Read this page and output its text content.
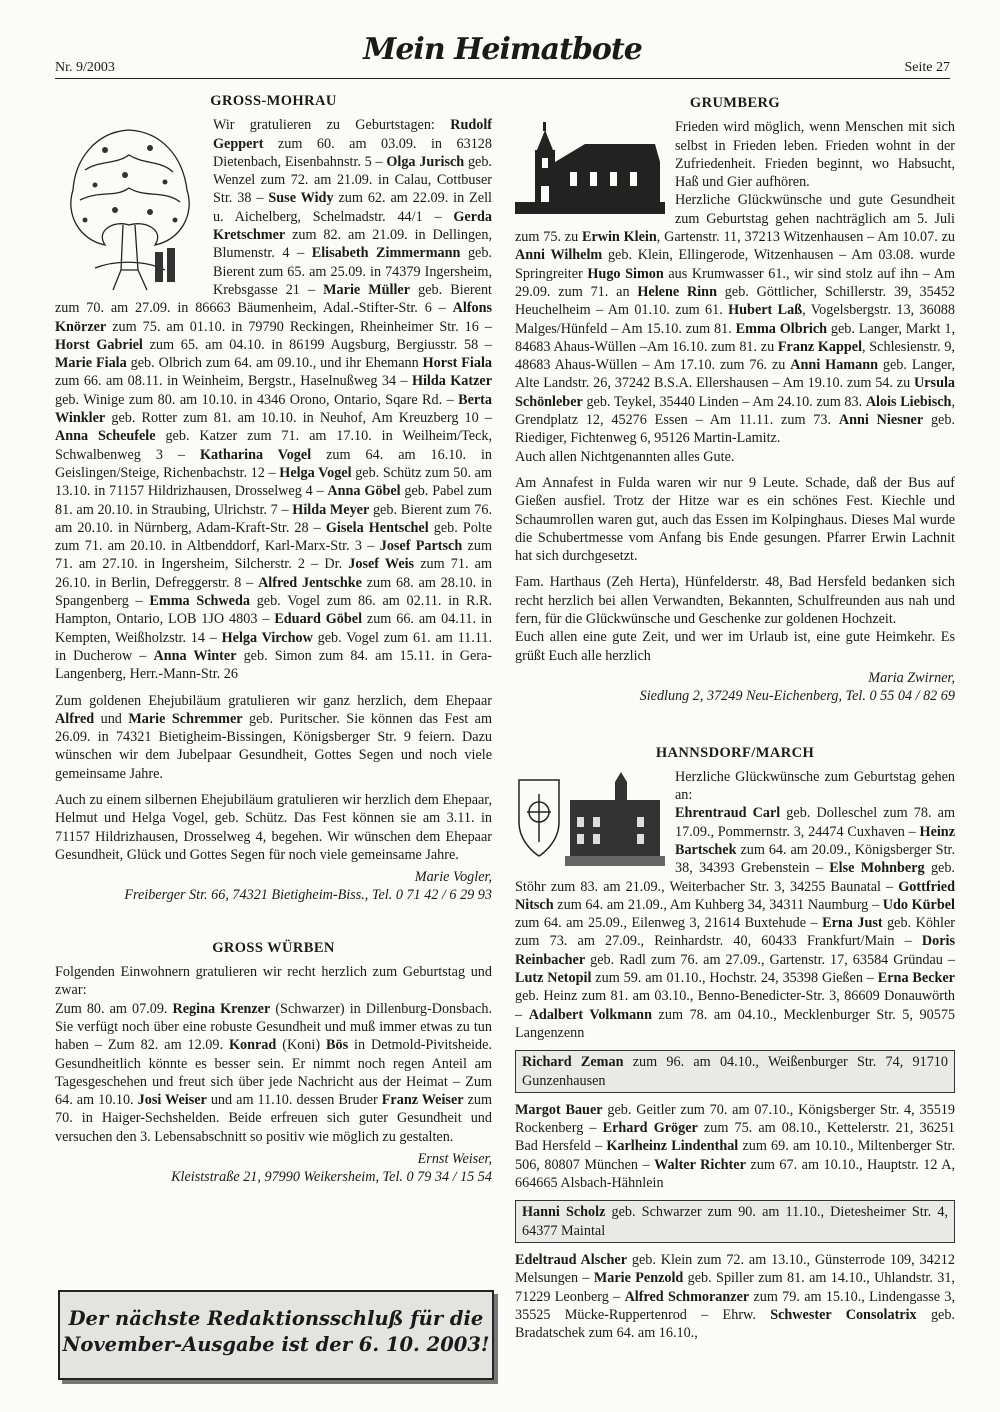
Nr. 9/2003
Mein Heimatbote
Seite 27
GROSS-MOHRAU

Wir gratulieren zu Geburtstagen: Rudolf Geppert zum 60. am 03.09. in 63128 Dietenbach, Eisenbahnstr. 5 – Olga Jurisch geb. Wenzel zum 72. am 21.09. in Calau, Cottbuser Str. 38 – Suse Widy zum 62. am 22.09. in Zell u. Aichelberg, Schelmadstr. 44/1 – Gerda Kretschmer zum 82. am 21.09. in Dellingen, Blumenstr. 4 – Elisabeth Zimmermann geb. Bierent zum 65. am 25.09. in 74379 Ingersheim, Krebsgasse 21 – Marie Müller geb. Bierent zum 70. am 27.09. in 86663 Bäumenheim, Adal.-Stifter-Str. 6 – Alfons Knörzer zum 75. am 01.10. in 79790 Reckingen, Rheinheimer Str. 16 – Horst Gabriel zum 65. am 04.10. in 86199 Augsburg, Bergiusstr. 58 – Marie Fiala geb. Olbrich zum 64. am 09.10., und ihr Ehemann Horst Fiala zum 66. am 08.11. in Weinheim, Bergstr., Haselnußweg 34 – Hilda Katzer geb. Winige zum 80. am 10.10. in 4346 Orono, Ontario, Sqare Rd. – Berta Winkler geb. Rotter zum 81. am 10.10. in Neuhof, Am Kreuzberg 10 – Anna Scheufele geb. Katzer zum 71. am 17.10. in Weilheim/Teck, Schwalbenweg 3 – Katharina Vogel zum 64. am 16.10. in Geislingen/Steige, Richenbachstr. 12 – Helga Vogel geb. Schütz zum 50. am 13.10. in 71157 Hildrizhausen, Drosselweg 4 – Anna Göbel geb. Pabel zum 81. am 20.10. in Straubing, Ulrichstr. 7 – Hilda Meyer geb. Bierent zum 76. am 20.10. in Nürnberg, Adam-Kraft-Str. 28 – Gisela Hentschel geb. Polte zum 71. am 20.10. in Altbenddorf, Karl-Marx-Str. 3 – Josef Partsch zum 71. am 27.10. in Ingersheim, Silcherstr. 2 – Dr. Josef Weis zum 71. am 26.10. in Berlin, Defreggerstr. 8 – Alfred Jentschke zum 68. am 28.10. in Spangenberg – Emma Schweda geb. Vogel zum 86. am 02.11. in R.R. Hampton, Ontario, LOB 1JO 4803 – Eduard Göbel zum 66. am 04.11. in Kempten, Weißholzstr. 14 – Helga Virchow geb. Vogel zum 61. am 11.11. in Ducherow – Anna Winter geb. Simon zum 84. am 15.11. in Gera-Langenberg, Herr.-Mann-Str. 26

Zum goldenen Ehejubiläum gratulieren wir ganz herzlich, dem Ehepaar Alfred und Marie Schremmer geb. Puritscher. Sie können das Fest am 26.09. in 74321 Bietigheim-Bissingen, Königsberger Str. 9 feiern. Dazu wünschen wir dem Jubelpaar Gesundheit, Gottes Segen und noch viele gemeinsame Jahre.

Auch zu einem silbernen Ehejubiläum gratulieren wir herzlich dem Ehepaar, Helmut und Helga Vogel, geb. Schütz. Das Fest können sie am 3.11. in 71157 Hildrizhausen, Drosselweg 4, begehen. Wir wünschen dem Ehepaar Gesundheit, Glück und Gottes Segen für noch viele gemeinsame Jahre.

Marie Vogler,
Freiberger Str. 66, 74321 Bietigheim-Biss., Tel. 0 71 42 / 6 29 93
GROSS WÜRBEN

Folgenden Einwohnern gratulieren wir recht herzlich zum Geburtstag und zwar:
Zum 80. am 07.09. Regina Krenzer (Schwarzer) in Dillenburg-Donsbach. Sie verfügt noch über eine robuste Gesundheit und muß immer etwas zu tun haben – Zum 82. am 12.09. Konrad (Koni) Bös in Detmold-Pivitsheide. Gesundheitlich könnte es besser sein. Er nimmt noch regen Anteil am Tagesgeschehen und freut sich über jede Nachricht aus der Heimat – Zum 64. am 10.10. Josi Weiser und am 11.10. dessen Bruder Franz Weiser zum 70. in Haiger-Sechshelden. Beide erfreuen sich guter Gesundheit und versuchen den 3. Lebensabschnitt so positiv wie möglich zu gestalten.

Ernst Weiser,
Kleiststraße 21, 97990 Weikersheim, Tel. 0 79 34 / 15 54
Der nächste Redaktionsschluß für die
November-Ausgabe ist der 6. 10. 2003!
GRUMBERG

Frieden wird möglich, wenn Menschen mit sich selbst in Frieden leben. Frieden wohnt in der Zufriedenheit. Frieden beginnt, wo Habsucht, Haß und Gier aufhören.
Herzliche Glückwünsche und gute Gesundheit zum Geburtstag gehen nachträglich am 5. Juli zum 75. zu Erwin Klein, Gartenstr. 11, 37213 Witzenhausen – Am 10.07. zu Anni Wilhelm geb. Klein, Ellingerode, Witzenhausen – Am 03.08. wurde Springreiter Hugo Simon aus Krumwasser 61., wir sind stolz auf ihn – Am 29.09. zum 71. an Helene Rinn geb. Göttlicher, Schillerstr. 39, 35452 Heuchelheim – Am 01.10. zum 61. Hubert Laß, Vogelsbergstr. 13, 36088 Malges/Hünfeld – Am 15.10. zum 81. Emma Olbrich geb. Langer, Markt 1, 84683 Ahaus-Wüllen –Am 16.10. zum 81. zu Franz Kappel, Schlesienstr. 9, 48683 Ahaus-Wüllen – Am 17.10. zum 76. zu Anni Hamann geb. Langer, Alte Landstr. 26, 37242 B.S.A. Ellershausen – Am 19.10. zum 54. zu Ursula Schönleber geb. Teykel, 35440 Linden – Am 24.10. zum 83. Alois Liebisch, Grendplatz 12, 45276 Essen – Am 11.11. zum 73. Anni Niesner geb. Riediger, Fichtenweg 6, 95126 Martin-Lamitz.
Auch allen Nichtgenannten alles Gute.

Am Annafest in Fulda waren wir nur 9 Leute. Schade, daß der Bus auf Gießen ausfiel. Trotz der Hitze war es ein schönes Fest. Kiechle und Schaumrollen waren gut, auch das Essen im Kolpinghaus. Dieses Mal wurde die Schubertmesse vom Anfang bis Ende gesungen. Pfarrer Erwin Lachnit hat sich durchgesetzt.

Fam. Harthaus (Zeh Herta), Hünfelderstr. 48, Bad Hersfeld bedanken sich recht herzlich bei allen Verwandten, Bekannten, Schulfreunden aus nah und fern, für die Glückwünsche und Geschenke zur goldenen Hochzeit.
Euch allen eine gute Zeit, und wer im Urlaub ist, eine gute Heimkehr. Es grüßt Euch alle herzlich

Maria Zwirner,
Siedlung 2, 37249 Neu-Eichenberg, Tel. 0 55 04 / 82 69
HANNSDORF/MARCH

Herzliche Glückwünsche zum Geburtstag gehen an:
Ehrentraud Carl geb. Dolleschel zum 78. am 17.09., Pommernstr. 3, 24474 Cuxhaven – Heinz Bartschek zum 64. am 20.09., Königsberger Str. 38, 34393 Grebenstein – Else Mohnberg geb. Stöhr zum 83. am 21.09., Weiterbacher Str. 3, 34255 Baunatal – Gottfried Nitsch zum 64. am 21.09., Am Kuhberg 34, 34311 Naumburg – Udo Kürbel zum 64. am 25.09., Eilenweg 3, 21614 Buxtehude – Erna Just geb. Köhler zum 73. am 27.09., Reinhardstr. 40, 60433 Frankfurt/Main – Doris Reinbacher geb. Radl zum 76. am 27.09., Gartenstr. 17, 63584 Gründau – Lutz Netopil zum 59. am 01.10., Hochstr. 24, 35398 Gießen – Erna Becker geb. Heinz zum 81. am 03.10., Benno-Benedicter-Str. 3, 86609 Donauwörth – Adalbert Volkmann zum 78. am 04.10., Mecklenburger Str. 5, 90575 Langenzenn

Richard Zeman zum 96. am 04.10., Weißenburger Str. 74, 91710 Gunzenhausen

Margot Bauer geb. Geitler zum 70. am 07.10., Königsberger Str. 4, 35519 Rockenberg – Erhard Gröger zum 75. am 08.10., Kettelerstr. 21, 36251 Bad Hersfeld – Karlheinz Lindenthal zum 69. am 10.10., Miltenberger Str. 506, 80807 München – Walter Richter zum 67. am 10.10., Hauptstr. 12 A, 664665 Alsbach-Hähnlein

Hanni Scholz geb. Schwarzer zum 90. am 11.10., Dietesheimer Str. 4, 64377 Maintal

Edeltraud Alscher geb. Klein zum 72. am 13.10., Günsterrode 109, 34212 Melsungen – Marie Penzold geb. Spiller zum 81. am 14.10., Uhlandstr. 31, 71229 Leonberg – Alfred Schmoranzer zum 79. am 15.10., Lindengasse 3, 35525 Mücke-Ruppertenrod – Ehrw. Schwester Consolatrix geb. Bradatschek zum 64. am 16.10.,
